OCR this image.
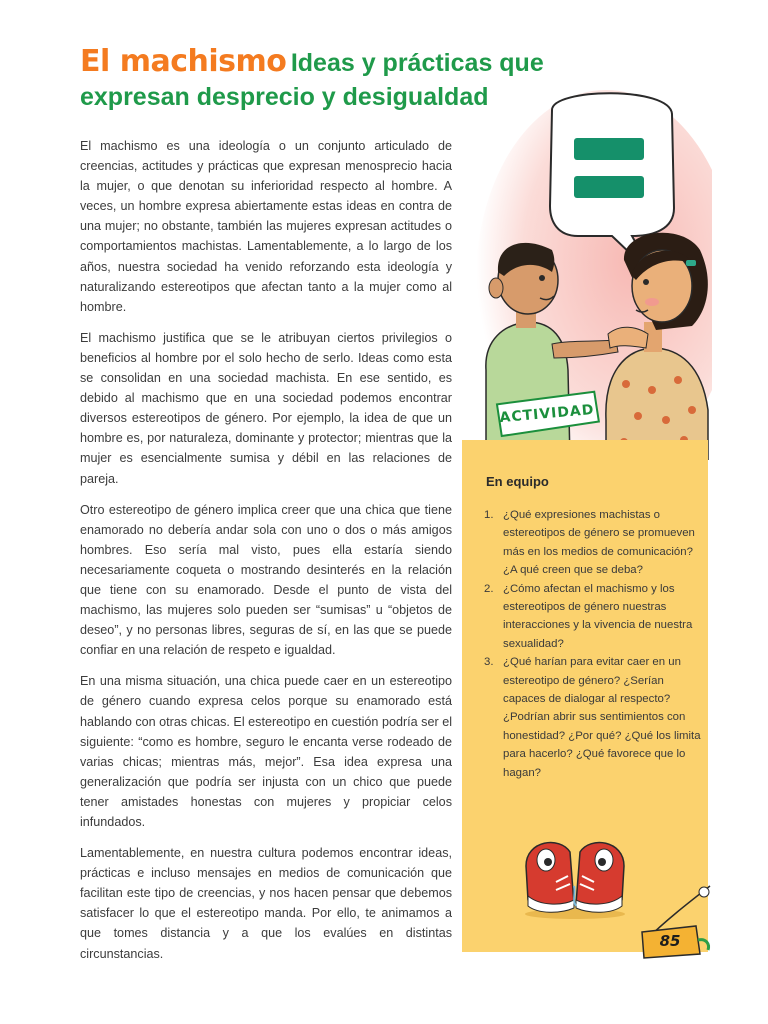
El machismo Ideas y prácticas que
expresan desprecio y desigualdad

El machismo es una ideología o un conjunto articulado de creencias, actitudes y prácticas que expresan menosprecio hacia la mujer, o que denotan su inferioridad respecto al hombre. A veces, un hombre expresa abiertamente estas ideas en contra de una mujer; no obstante, también las mujeres expresan actitudes o comportamientos machistas. Lamentablemente, a lo largo de los años, nuestra sociedad ha venido reforzando esta ideología y naturalizando estereotipos que afectan tanto a la mujer como al hombre.

El machismo justifica que se le atribuyan ciertos privilegios o beneficios al hombre por el solo hecho de serlo. Ideas como esta se consolidan en una sociedad machista. En ese sentido, es debido al machismo que en una sociedad podemos encontrar diversos estereotipos de género. Por ejemplo, la idea de que un hombre es, por naturaleza, dominante y protector; mientras que la mujer es esencialmente sumisa y débil en las relaciones de pareja.

Otro estereotipo de género implica creer que una chica que tiene enamorado no debería andar sola con uno o dos o más amigos hombres. Eso sería mal visto, pues ella estaría siendo necesariamente coqueta o mostrando desinterés en la relación que tiene con su enamorado. Desde el punto de vista del machismo, las mujeres solo pueden ser “sumisas” u “objetos de deseo”, y no personas libres, seguras de sí, en las que se puede confiar en una relación de respeto e igualdad.

En una misma situación, una chica puede caer en un estereotipo de género cuando expresa celos porque su enamorado está hablando con otras chicas. El estereotipo en cuestión podría ser el siguiente: “como es hombre, seguro le encanta verse rodeado de varias chicas; mientras más, mejor”. Esa idea expresa una generalización que podría ser injusta con un chico que puede tener amistades honestas con mujeres y propiciar celos infundados.

Lamentablemente, en nuestra cultura podemos encontrar ideas, prácticas e incluso mensajes en medios de comunicación que facilitan este tipo de creencias, y nos hacen pensar que debemos satisfacer lo que el estereotipo manda. Por ello, te animamos a que tomes distancia y a que los evalúes en distintas circunstancias.

ACTIVIDAD
En equipo
1. ¿Qué expresiones machistas o estereotipos de género se promueven más en los medios de comunicación? ¿A qué creen que se deba?
2. ¿Cómo afectan el machismo y los estereotipos de género nuestras interacciones y la vivencia de nuestra sexualidad?
3. ¿Qué harían para evitar caer en un estereotipo de género? ¿Serían capaces de dialogar al respecto? ¿Podrían abrir sus sentimientos con honestidad? ¿Por qué? ¿Qué los limita para hacerlo? ¿Qué favorece que lo hagan?
85
